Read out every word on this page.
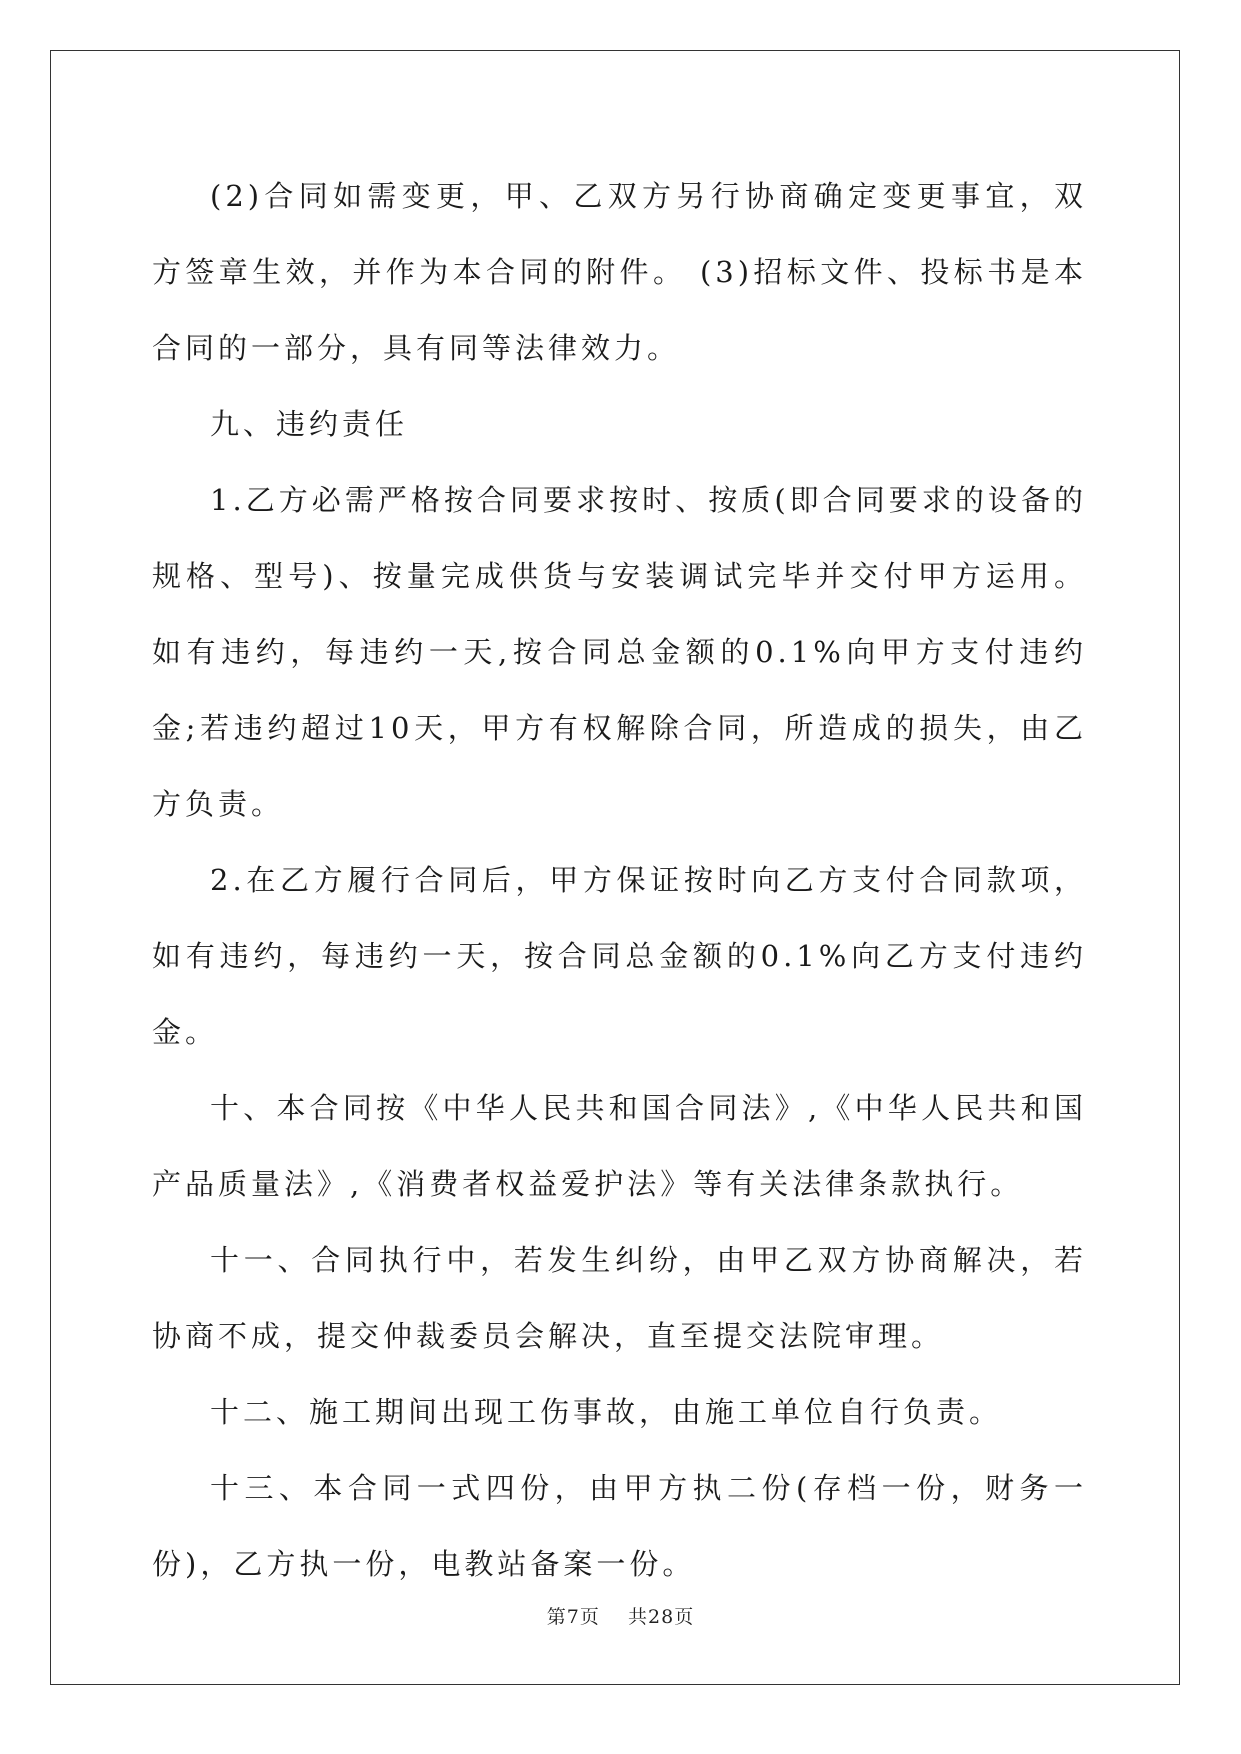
(2)合同如需变更，甲、乙双方另行协商确定变更事宜，双方签章生效，并作为本合同的附件。 (3)招标文件、投标书是本合同的一部分，具有同等法律效力。

九、违约责任

1.乙方必需严格按合同要求按时、按质(即合同要求的设备的规格、型号)、按量完成供货与安装调试完毕并交付甲方运用。如有违约，每违约一天,按合同总金额的0.1%向甲方支付违约金;若违约超过10天，甲方有权解除合同，所造成的损失，由乙方负责。

2.在乙方履行合同后，甲方保证按时向乙方支付合同款项，如有违约，每违约一天，按合同总金额的0.1%向乙方支付违约金。

十、本合同按《中华人民共和国合同法》,《中华人民共和国产品质量法》,《消费者权益爱护法》等有关法律条款执行。

十一、合同执行中，若发生纠纷，由甲乙双方协商解决，若协商不成，提交仲裁委员会解决，直至提交法院审理。

十二、施工期间出现工伤事故，由施工单位自行负责。

十三、本合同一式四份，由甲方执二份(存档一份，财务一份)，乙方执一份，电教站备案一份。

第7页 共28页
